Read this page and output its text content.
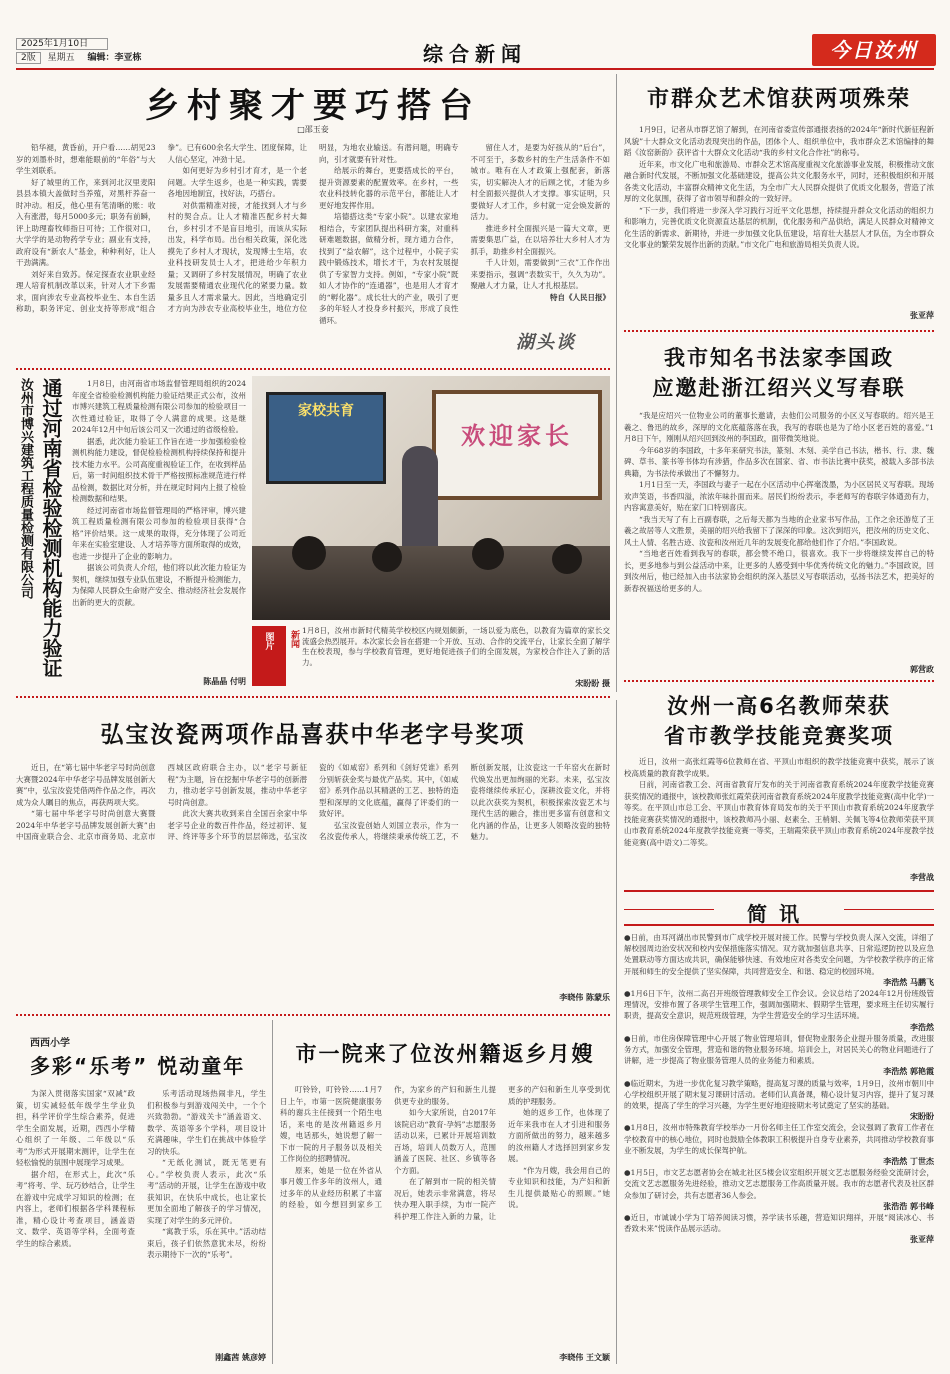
2025年1月10日
2版 星期五 编辑：李亚栋	综合新闻	今日汝州
乡村聚才要巧搭台
□邵玉妾

铅华褪，黄昏前，开户看……胡见23岁的刘墨朴时，想难能眼前的“年俗”与大学生刘联系。

好了城里的工作，来到河北汉里麦阳县县本镇大盖做时当养殖，对黑杆养奋一时冲动。相反，他心里有笔清晰的账：收入有涨潜，每月5000多元；职务有前瞬，评上助理畜牧师指日可待；工作很对口，大学学的是动物药学专业；副业有支持，政府设有“新农人”基金，种种利好，让人干劲满满。

刘好来自致苏。保定探查农业职业经理人培育机制改革以来，针对人才下乡需求，面向涉农专业高校毕业生、本自生活称助，职务评定、创业支持等形成“组合拳”。已有600余名大学生、团度保障，让人信心坚定，冲劲十足。

如何更好为乡村引才育才，是一个老问题。大学生返乡，也是一种实践，需要各地因地制宜，找好法，巧搭台。

对供需精准对接，才能找到人才与乡村的契合点。让人才精准匹配乡村大舞台，乡村引才不是盲目地引，而该从实际出发，科学布局。出台相关政策，深化选摸先了乡村人才现状，发现博士生培，农业科技研发员士人才，把进给少年积力量；又调研了乡村发展情况，明确了农业发展需要精通农业现代化的紧要力量。数量多且人才需求量大。因此，当地确定引才方向为涉农专业高校毕业生，地位方位明显，为地农业输送。有潜问题，明确专向，引才就要有针对性。

给展示的舞台，更要搭成长的平台，提升资源要素的配置效率。在乡村，一些农业科技转化器的示范平台，都能让人才更好地发挥作用。

培德搭这类“专家小院”。以建农家地相结合，专家团队提出科研方案，对重科研难题数据，做精分析，现方通力合作，找到了“益农解”，这个过程中，小院子实践中锻炼技术，增长才干，为农村发展提供了专家智力支持。例如，“专家小院”既如人才协作的“连通器”，也是用人才育才的“孵化器”。成长壮大的产业，吸引了更多的年轻人才投身乡村振兴，形成了良性循环。

留住人才，是要为好孩从的“后台”，不可至于，多数乡村的生产生活条件不如城市。唯有在人才政策上强配套，新落实，切实解决人才的后顾之忧，才能为乡村全面振兴提供人才支撑。事实证明，只要做好人才工作，乡村就一定会焕发新的活力。

推进乡村全面振兴是一篇大文章，更需要集思广益，在以培养壮大乡村人才为抓手，助推乡村全面振兴。

千人计划，需要做到“三衣”工作作出来要指示，强调“表数实干，久久为功”。聚融人才力量，让人才扎根基层。

特自《人民日报》

湖头谈
市群众艺术馆获两项殊荣

1月9日，记者从市群艺馆了解到，在河南省委宣传部通报表扬的2024年“新时代新征程新风貌”十大群众文化活动表现突出的作品，团体个人、组织单位中，我市群众艺术馆编排的舞蹈《汝窑新韵》获评省十大群众文化活动“我的乡村文化合作社”的称号。

近年来，市文化广电和旅游局、市群众艺术馆高度重视文化旅游事业发展，积极推动文旅融合新时代发展，不断加强文化基础建设，提高公共文化服务水平，同时，还积极组织和开展各类文化活动，丰富群众精神文化生活，为全市广大人民群众提供了优质文化服务，营造了浓厚的文化氛围，获得了省市领导和群众的一致好评。

“下一步，我们将进一步深入学习践行习近平文化思想，持续提升群众文化活动的组织力和影响力，完善优质文化资源直达基层的机制，优化服务和产品供给，满足人民群众对精神文化生活的新需求、新期待，并进一步加强文化队伍建设，培育壮大基层人才队伍，为全市群众文化事业的繁荣发展作出新的贡献。”市文化广电和旅游局相关负责人说。

张亚萍
我市知名书法家李国政
应邀赴浙江绍兴义写春联

“我是应绍兴一位物业公司的董事长邀请，去他们公司服务的小区义写春联的。绍兴是王羲之、鲁迅的故乡，深厚的文化底蕴落落在我，我写的春联也是为了给小区老百姓的喜爱。”1月8日下午，刚刚从绍兴回到汝州的李国政，面带微笑地说。

今年68岁的李国政，十多年来研究书法，篆刻、木刻、美学自己书法，楷书、行、隶、魏碑、草书、篆书等书体均有涉猎，作品多次在国家、省、市书法比赛中获奖，被载入多部书法典籍，为书法传承做出了不懈努力。

1月1日至一天，李国政与妻子一起在小区活动中心挥毫泼墨，为小区居民义写春联。现场欢声笑语，书香四溢，浓浓年味扑面而来。居民们纷纷表示，李老师写的春联字体遒劲有力，内容寓意美好，贴在家门口特别喜庆。

“我当天写了有上百副春联，之后每天都为当地的企业家书写作品，工作之余还游览了王羲之故居等人文胜景，美丽的绍兴给我留下了深深的印象。这次到绍兴，把汝州的历史文化、风土人情、名胜古迹、汝瓷和汝州近几年的发展变化都给他们作了介绍。”李国政说。

“当地老百姓看到我写的春联，都会赞不绝口，很喜欢。我下一步将继续发挥自己的特长，更多地参与到公益活动中来，让更多的人感受到中华优秀传统文化的魅力。”李国政说，回到汝州后，他已经加入由书法家协会组织的深入基层义写春联活动，弘扬书法艺术，把美好的新春祝福送给更多的人。

郭营政
汝州市博兴建筑工程质量检测有限公司 通过河南省检验检测机构能力验证	1月8日，由河南省市场监督管理局组织的2024年度全省检验检测机构能力验证结果正式公布，汝州市博兴建筑工程质量检测有限公司参加的检验项目一次性通过验证，取得了令人满意的成果。这是继2024年12月中旬后该公司又一次通过的省级检验。

据悉，此次能力验证工作旨在进一步加强检验检测机构能力建设，督促检验检测机构持续保持和提升技术能力水平。公司高度重视验证工作，在收到样品后，第一时间组织技术骨干严格按照标准规范进行样品检测，数据比对分析，并在规定时间内上报了检验检测数据和结果。

经过河南省市场监督管理局的严格评审，博兴建筑工程质量检测有限公司参加的检验项目获得“合格”评价结果。这一成果的取得，充分体现了公司近年来在实验室建设、人才培养等方面所取得的成效，也进一步提升了企业的影响力。

据该公司负责人介绍，他们将以此次能力验证为契机，继续加强专业队伍建设，不断提升检测能力，为保障人民群众生命财产安全、推动经济社会发展作出新的更大的贡献。

陈晶晶 付明
家校共育
欢迎家长
图片 新闻 1月8日，汝州市新时代精英学校校区内规划颇新，一场以爱为底色，以教育为篇章的家长交流盛会热烈展开。本次家长会旨在搭建一个开放、互动、合作的交流平台，让家长全面了解学生在校表现，参与学校教育管理，更好地促进孩子们的全面发展，为家校合作注入了新的活力。
宋盼盼 摄
弘宝汝瓷两项作品喜获中华老字号奖项

近日，在“第七届中华老字号时尚创意大赛暨2024年中华老字号品牌发展创新大赛”中，弘宝汝瓷凭借两件作品之作，再次成为众人瞩目的焦点，再获两项大奖。

“第七届中华老字号时尚创意大赛暨2024年中华老字号品牌发展创新大赛”由中国商业联合会、北京市商务局、北京市西城区政府联合主办，以“老字号新征程”为主题，旨在挖掘中华老字号的创新潜力，推动老字号创新发展，推动中华老字号时尚创意。

此次大赛共收到来自全国百余家中华老字号企业的数百件作品，经过初评、复评、终评等多个环节的层层筛选，弘宝汝瓷的《如咸窑》系列和《剑好凭谁》系列分别斩获金奖与最优产品奖。其中，《如咸窑》系列作品以其精湛的工艺、独特的造型和深厚的文化底蕴，赢得了评委们的一致好评。

弘宝汝瓷创始人刘国立表示，作为一名汝瓷传承人，将继续秉承传统工艺，不断创新发展，让汝瓷这一千年窑火在新时代焕发出更加绚丽的光彩。未来，弘宝汝瓷将继续传承匠心，深耕汝瓷文化，并将以此次获奖为契机，积极探索汝瓷艺术与现代生活的融合，推出更多富有创意和文化内涵的作品，让更多人领略汝瓷的独特魅力。

李晓伟 陈蒙乐
汝州一高6名教师荣获
省市教学技能竞赛奖项

近日，汝州一高张红霞等6位教师在省、平顶山市组织的教学技能竞赛中获奖，展示了该校高质量的教育教学成果。

日前，河南省教工会、河南省教育厅发布的关于河南省教育系统2024年度教学技能竞赛获奖情况的通报中，该校教师张红霞荣获河南省教育系统2024年度教学技能竞赛(高中化学)一等奖。在平顶山市总工会、平顶山市教育体育局发布的关于平顶山市教育系统2024年度教学技能竞赛获奖情况的通报中，该校教师冯小丽、赵素全、王梢娟、关佩飞等4位教师荣获平顶山市教育系统2024年度教学技能竞赛一等奖，王瑞霞荣获平顶山市教育系统2024年度教学技能竞赛(高中语文)二等奖。

李营战
简讯

●日前，由耳河湖出市民警到市广成学校开展对接工作。民警与学校负责人深入交流，详细了解校园周边治安状况和校内安保措施落实情况。双方就加强信息共享、日常巡逻防控以及应急处置联动等方面达成共识，确保能够快速、有效地应对各类安全问题，为学校教学秩序的正常开展和师生的安全提供了坚实保障，共同营造安全、和谐、稳定的校园环境。

李浩然 马鹏飞

●1月6日下午，汝州二高召开班级管理教师安全工作会议。会议总结了2024年12月份班级管理情况，安排布置了各项学生管理工作，强调加强期末、假期学生管理，要求班主任切实履行职责，提高安全意识，规范班级管理，为学生营造安全的学习生活环境。

李浩然

●日前，市住房保障管理中心开展了物业管理培训，督促物业服务企业提升服务质量，改进服务方式，加强安全管理，营造和谐的物业服务环境。培训会上，对居民关心的物业问题进行了讲解，进一步提高了物业服务管理人员的业务能力和素质。

李浩然 郭艳霞

●临近期末，为进一步优化复习教学策略，提高复习课的质量与效率，1月9日，汝州市朝川中心学校组织开展了期末复习课研讨活动。老师们认真备课，精心设计复习内容，提升了复习课的效果，提高了学生的学习兴趣，为学生更好地迎接期末考试奠定了坚实的基础。

宋盼盼

●1月8日，汝州市特殊教育学校举办一月份名师主任工作室交流会，会议强调了教育工作者在学校教育中的核心地位，同时也鼓励全体教职工积极提升自身专业素养，共同推动学校教育事业不断发展，为学生的成长保驾护航。

李浩然 丁世杰

●1月5日，市文艺志愿者协会在城北社区5楼会议室组织开展文艺志愿服务经验交流研讨会，交流文艺志愿服务先进经验，推动文艺志愿服务工作高质量开展。我市的志愿者代表及社区群众参加了研讨会，共有志愿者36人参会。

张浩浩 郭书峰

●近日，市诚诚小学为丁培养阅读习惯，养学读书乐趣，营造知识翔祥，开展“阅读冰心、书香致未来”悦读作品展示活动。

张亚萍
西西小学
多彩“乐考” 悦动童年

为深入贯彻落实国家“双减”政策，切实减轻低年级学生学业负担，科学评价学生综合素养，促进学生全面发展，近期，西西小学精心组织了一年级、二年级以“乐考”为形式开展期末测评，让学生在轻松愉悦的氛围中展现学习成果。

据介绍，在形式上，此次“乐考”将考、学、玩巧妙结合，让学生在游戏中完成学习知识的检测；在内容上，老师们根据各学科课程标准，精心设计考查项目，涵盖语文、数学、英语等学科，全面考查学生的综合素质。

乐考活动现场热闹非凡，学生们积极参与到游戏闯关中，一个个兴致勃勃。“游戏关卡”涵盖语文、数学、英语等多个学科，项目设计充满趣味，学生们在挑战中体验学习的快乐。

“无纸化测试，既无笔更有心。”学校负责人表示，此次“乐考”活动的开展，让学生在游戏中收获知识，在快乐中成长，也让家长更加全面地了解孩子的学习情况，实现了对学生的多元评价。

“寓教于乐，乐在其中。”活动结束后，孩子们依然意犹未尽，纷纷表示期待下一次的“乐考”。

刚鑫茜 姚彦婷
市一院来了位汝州籍返乡月嫂

叮铃铃，叮铃铃……1月7日上午，市第一医院健康服务科的谢兵主任接到一个陌生电话，来电的是汝州籍返乡月嫂，电话那头，她说想了解一下市一院的月子服务以及相关工作岗位的招聘情况。

原来，她是一位在外省从事月嫂工作多年的汝州人，通过多年的从业经历积累了丰富的经验，如今想回到家乡工作，为家乡的产妇和新生儿提供更专业的服务。

如今大家所说，自2017年该院启动“教育·孕妈”志愿服务活动以来，已累计开展培训数百场，培训人员数万人，范围涵盖了医院、社区、乡镇等各个方面。

在了解到市一院的相关情况后，她表示非常满意，将尽快办理入职手续，为市一院产科护理工作注入新的力量，让更多的产妇和新生儿享受到优质的护理服务。

她的返乡工作，也体现了近年来我市在人才引进和服务方面所做出的努力，越来越多的汝州籍人才选择回到家乡发展。

“作为月嫂，我会用自己的专业知识和技能，为产妇和新生儿提供最贴心的照顾。”她说。

李晓伟 王文颖
